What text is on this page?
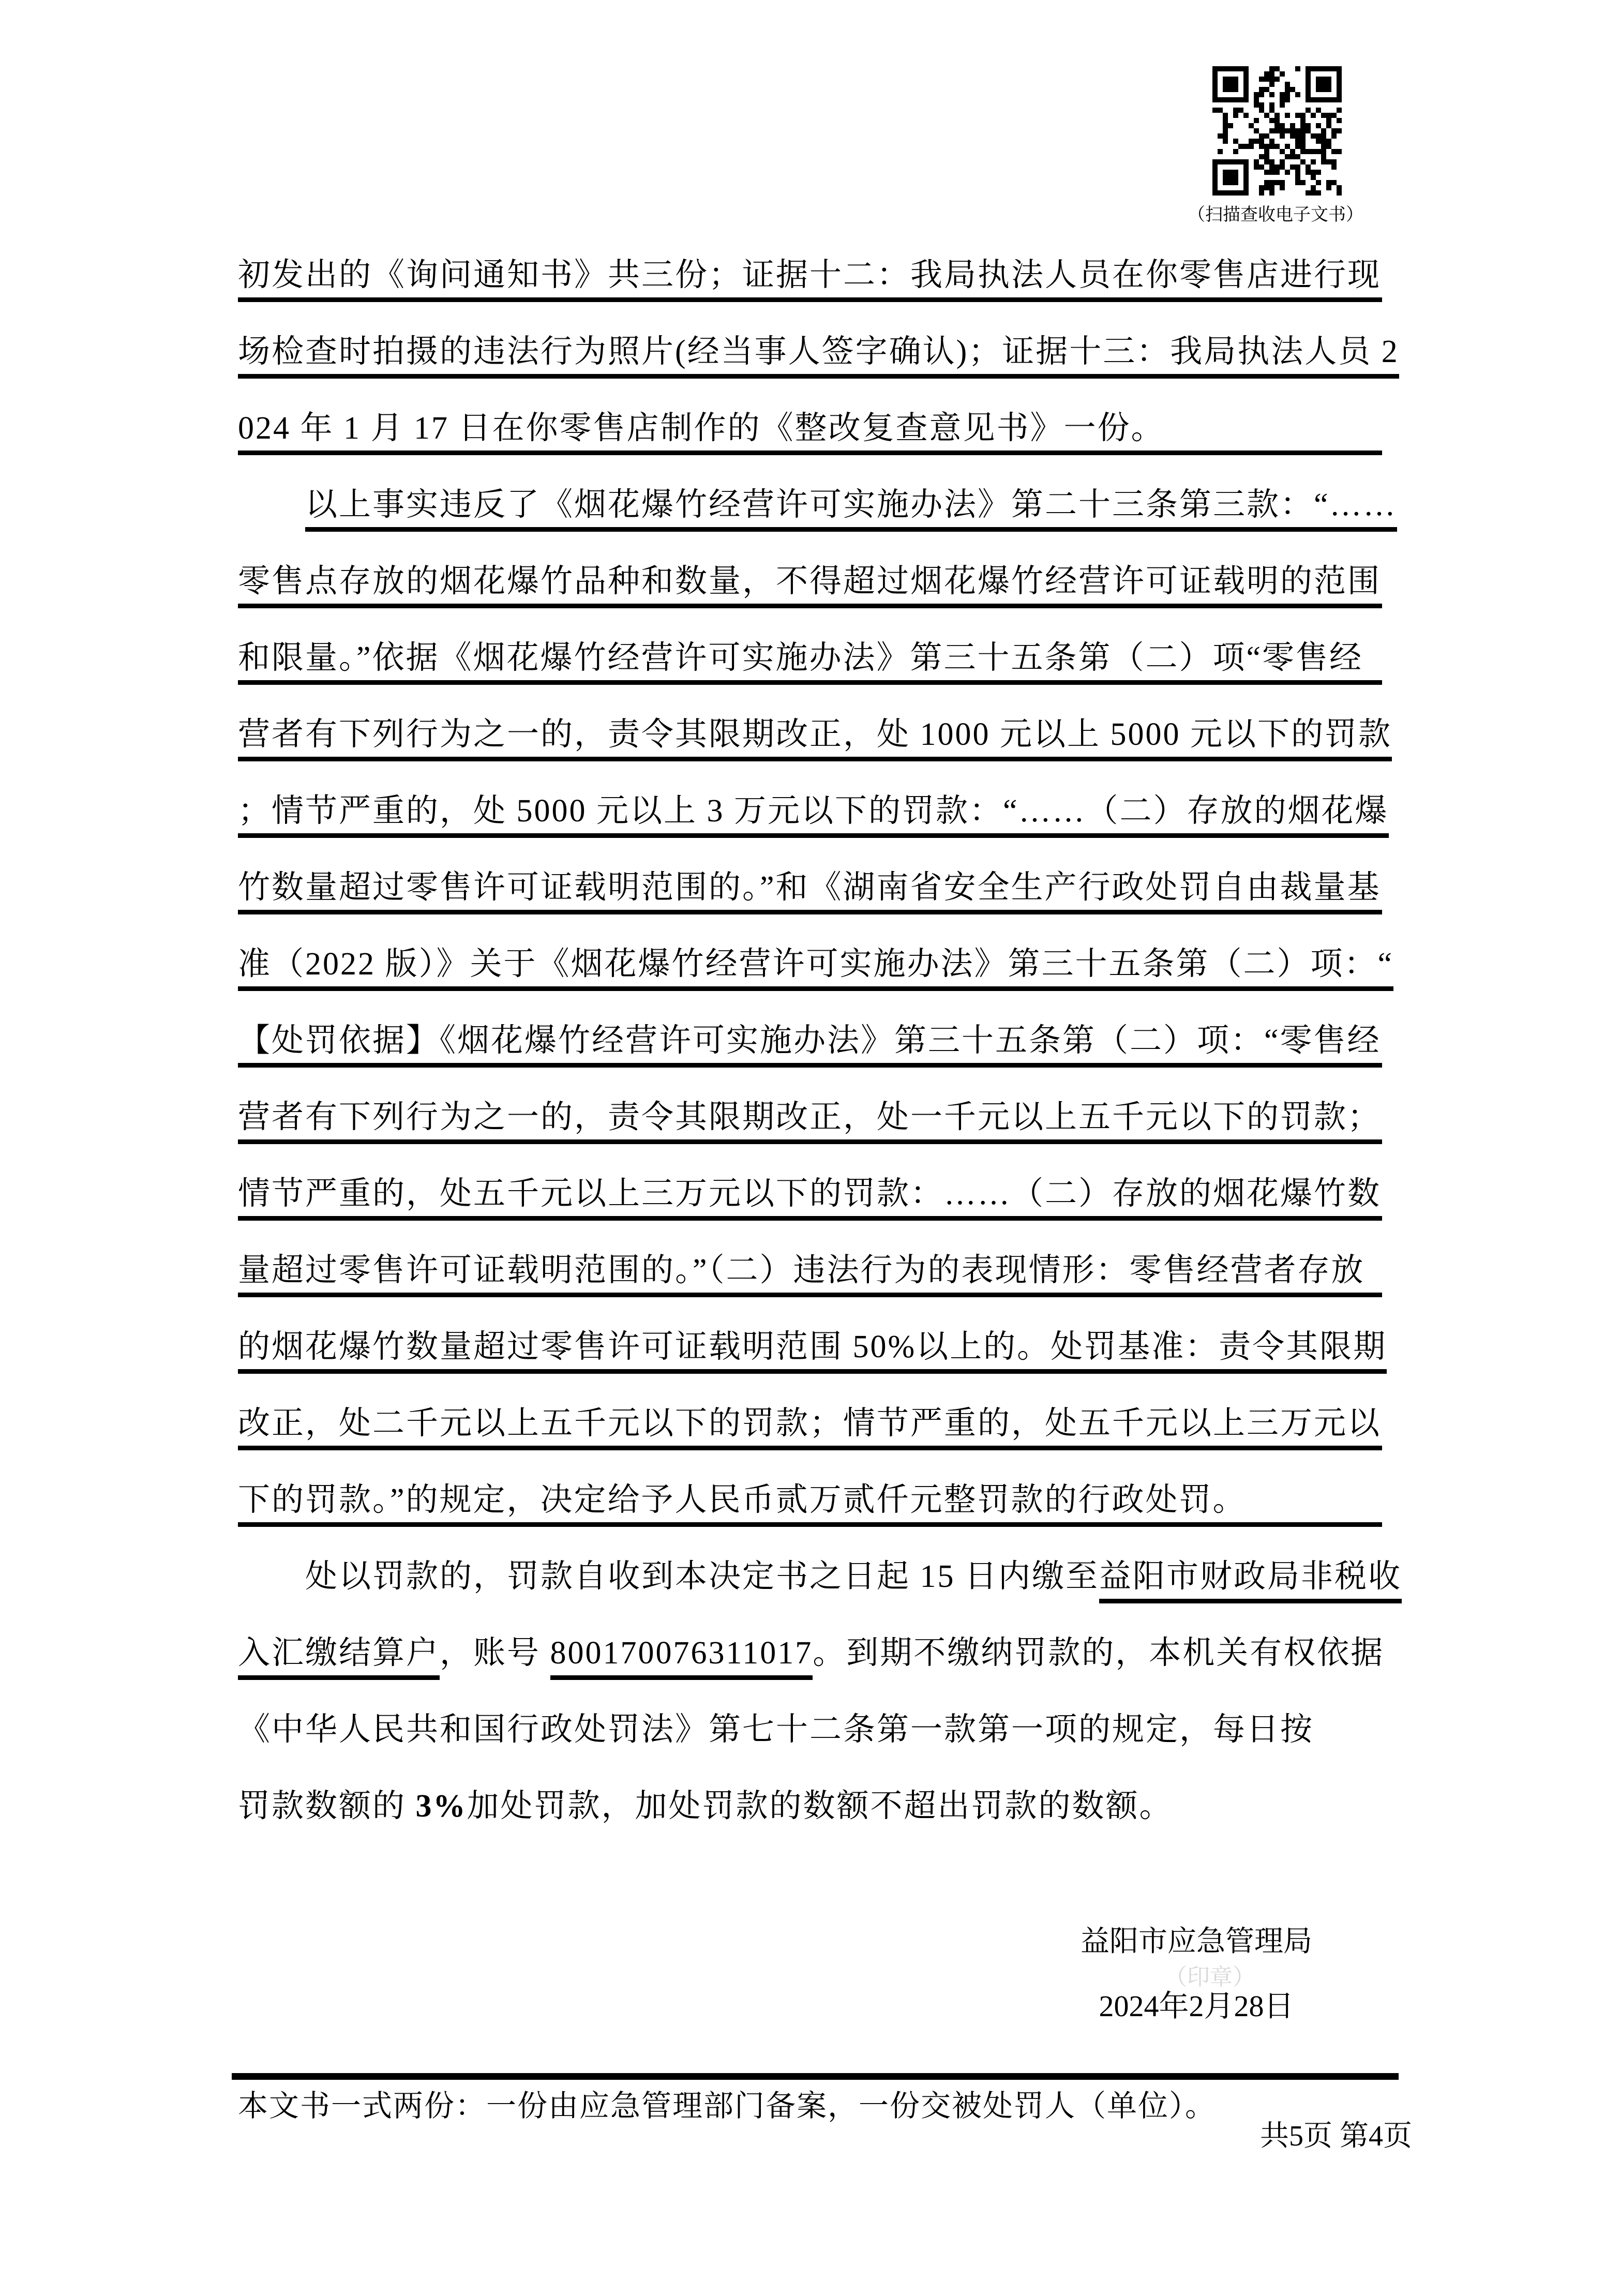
（扫描查收电子文书）
初发出的《询问通知书》共三份；证据十二：我局执法人员在你零售店进行现
场检查时拍摄的违法行为照片(经当事人签字确认)；证据十三：我局执法人员 2
024 年 1 月 17 日在你零售店制作的《整改复查意见书》一份。
以上事实违反了《烟花爆竹经营许可实施办法》第二十三条第三款：“……
零售点存放的烟花爆竹品种和数量，不得超过烟花爆竹经营许可证载明的范围
和限量。”依据《烟花爆竹经营许可实施办法》第三十五条第（二）项“零售经
营者有下列行为之一的，责令其限期改正，处 1000 元以上 5000 元以下的罚款
；情节严重的，处 5000 元以上 3 万元以下的罚款：“……（二）存放的烟花爆
竹数量超过零售许可证载明范围的。”和《湖南省安全生产行政处罚自由裁量基
准（2022 版）》关于《烟花爆竹经营许可实施办法》第三十五条第（二）项：“
【处罚依据】《烟花爆竹经营许可实施办法》第三十五条第（二）项：“零售经
营者有下列行为之一的，责令其限期改正，处一千元以上五千元以下的罚款；
情节严重的，处五千元以上三万元以下的罚款：……（二）存放的烟花爆竹数
量超过零售许可证载明范围的。”（二）违法行为的表现情形：零售经营者存放
的烟花爆竹数量超过零售许可证载明范围 50%以上的。处罚基准：责令其限期
改正，处二千元以上五千元以下的罚款；情节严重的，处五千元以上三万元以
下的罚款。”的规定，决定给予人民币贰万贰仟元整罚款的行政处罚。
处以罚款的，罚款自收到本决定书之日起 15 日内缴至 益阳市财政局非税收
入汇缴结算户 ，账号 800170076311017 。到期不缴纳罚款的，本机关有权依据
《中华人民共和国行政处罚法》第七十二条第一款第一项的规定，每日按
罚款数额的 3% 加处罚款，加处罚款的数额不超出罚款的数额。
益阳市应急管理局
（印章）
2024年2月28日
本文书一式两份：一份由应急管理部门备案，一份交被处罚人（单位）。
共5页 第4页
